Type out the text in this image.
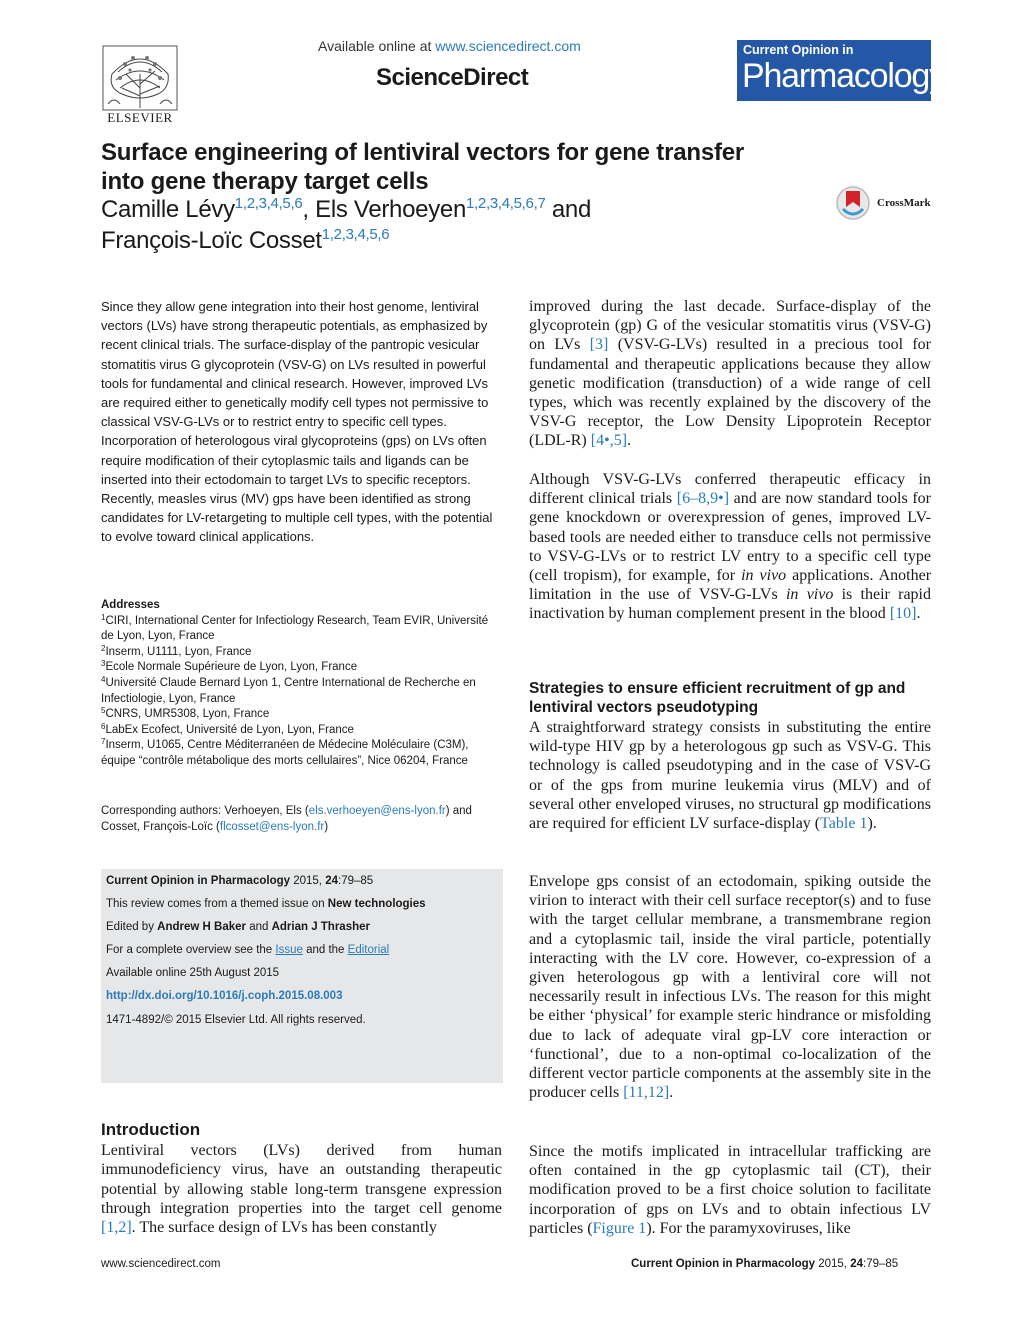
ELSEVIER
Available online at www.sciencedirect.com
ScienceDirect
Current Opinion in
Pharmacology
Surface engineering of lentiviral vectors for gene transfer into gene therapy target cells
Camille Lévy$^{1,2,3,4,5,6}$, Els Verhoeyen$^{1,2,3,4,5,6,7}$ and
François-Loïc Cosset$^{1,2,3,4,5,6}$
CrossMark
Since they allow gene integration into their host genome, lentiviral vectors (LVs) have strong therapeutic potentials, as emphasized by recent clinical trials. The surface-display of the pantropic vesicular stomatitis virus G glycoprotein (VSV-G) on LVs resulted in powerful tools for fundamental and clinical research. However, improved LVs are required either to genetically modify cell types not permissive to classical VSV-G-LVs or to restrict entry to specific cell types. Incorporation of heterologous viral glycoproteins (gps) on LVs often require modification of their cytoplasmic tails and ligands can be inserted into their ectodomain to target LVs to specific receptors. Recently, measles virus (MV) gps have been identified as strong candidates for LV-retargeting to multiple cell types, with the potential to evolve toward clinical applications.
Addresses
$^1$CIRI, International Center for Infectiology Research, Team EVIR, Université de Lyon, Lyon, France
$^2$Inserm, U1111, Lyon, France
$^3$Ecole Normale Supérieure de Lyon, Lyon, France
$^4$Université Claude Bernard Lyon 1, Centre International de Recherche en Infectiologie, Lyon, France
$^5$CNRS, UMR5308, Lyon, France
$^6$LabEx Ecofect, Université de Lyon, Lyon, France
$^7$Inserm, U1065, Centre Méditerranéen de Médecine Moléculaire (C3M), équipe “contrôle métabolique des morts cellulaires”, Nice 06204, France
Corresponding authors: Verhoeyen, Els (els.verhoeyen@ens-lyon.fr) and Cosset, François-Loïc (flcosset@ens-lyon.fr)
Current Opinion in Pharmacology 2015, 24:79–85
This review comes from a themed issue on New technologies
Edited by Andrew H Baker and Adrian J Thrasher
For a complete overview see the Issue and the Editorial
Available online 25th August 2015
http://dx.doi.org/10.1016/j.coph.2015.08.003
1471-4892/© 2015 Elsevier Ltd. All rights reserved.
Introduction
Lentiviral vectors (LVs) derived from human immunodeficiency virus, have an outstanding therapeutic potential by allowing stable long-term transgene expression through integration properties into the target cell genome [1,2]. The surface design of LVs has been constantly
improved during the last decade. Surface-display of the glycoprotein (gp) G of the vesicular stomatitis virus (VSV-G) on LVs [3] (VSV-G-LVs) resulted in a precious tool for fundamental and therapeutic applications because they allow genetic modification (transduction) of a wide range of cell types, which was recently explained by the discovery of the VSV-G receptor, the Low Density Lipoprotein Receptor (LDL-R) [4•,5].
Although VSV-G-LVs conferred therapeutic efficacy in different clinical trials [6–8,9•] and are now standard tools for gene knockdown or overexpression of genes, improved LV-based tools are needed either to transduce cells not permissive to VSV-G-LVs or to restrict LV entry to a specific cell type (cell tropism), for example, for in vivo applications. Another limitation in the use of VSV-G-LVs in vivo is their rapid inactivation by human complement present in the blood [10].
Strategies to ensure efficient recruitment of gp and lentiviral vectors pseudotyping
A straightforward strategy consists in substituting the entire wild-type HIV gp by a heterologous gp such as VSV-G. This technology is called pseudotyping and in the case of VSV-G or of the gps from murine leukemia virus (MLV) and of several other enveloped viruses, no structural gp modifications are required for efficient LV surface-display (Table 1).
Envelope gps consist of an ectodomain, spiking outside the virion to interact with their cell surface receptor(s) and to fuse with the target cellular membrane, a transmembrane region and a cytoplasmic tail, inside the viral particle, potentially interacting with the LV core. However, co-expression of a given heterologous gp with a lentiviral core will not necessarily result in infectious LVs. The reason for this might be either ‘physical’ for example steric hindrance or misfolding due to lack of adequate viral gp-LV core interaction or ‘functional’, due to a non-optimal co-localization of the different vector particle components at the assembly site in the producer cells [11,12].
Since the motifs implicated in intracellular trafficking are often contained in the gp cytoplasmic tail (CT), their modification proved to be a first choice solution to facilitate incorporation of gps on LVs and to obtain infectious LV particles (Figure 1). For the paramyxoviruses, like
www.sciencedirect.com	Current Opinion in Pharmacology 2015, 24:79–85
